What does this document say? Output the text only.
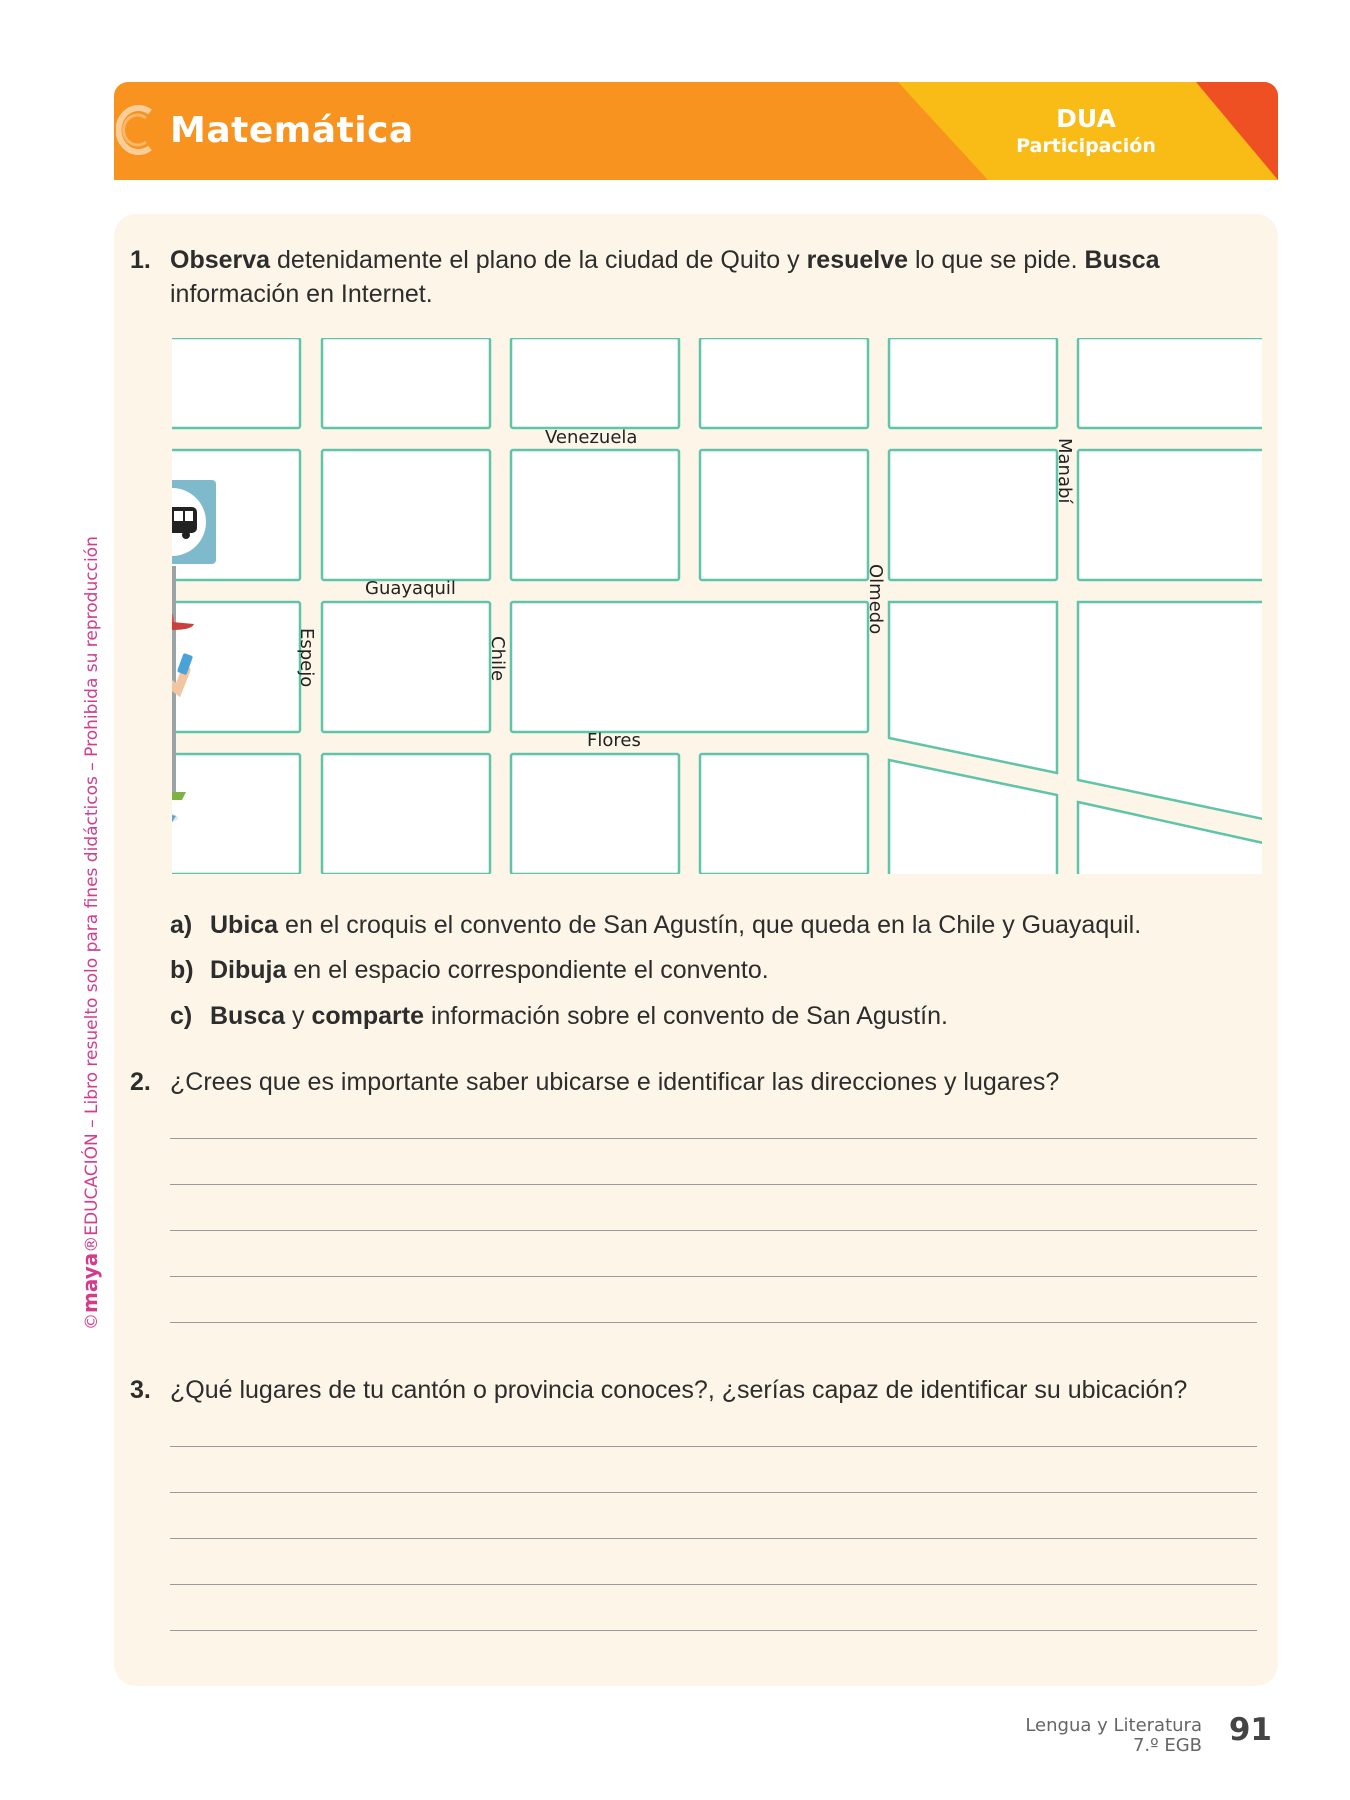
Matemática	DUA
Participación
©maya®EDUCACIÓN – Libro resuelto solo para fines didácticos – Prohibida su reproducción
1. Observa detenidamente el plano de la ciudad de Quito y resuelve lo que se pide. Busca información en Internet.
Venezuela
Guayaquil
Flores
Espejo	Chile
Olmedo
Manabí
a) Ubica en el croquis el convento de San Agustín, que queda en la Chile y Guayaquil.
b) Dibuja en el espacio correspondiente el convento.
c) Busca y comparte información sobre el convento de San Agustín.
2. ¿Crees que es importante saber ubicarse e identificar las direcciones y lugares?
3. ¿Qué lugares de tu cantón o provincia conoces?, ¿serías capaz de identificar su ubicación?
Lengua y Literatura
7.º EGB 91
